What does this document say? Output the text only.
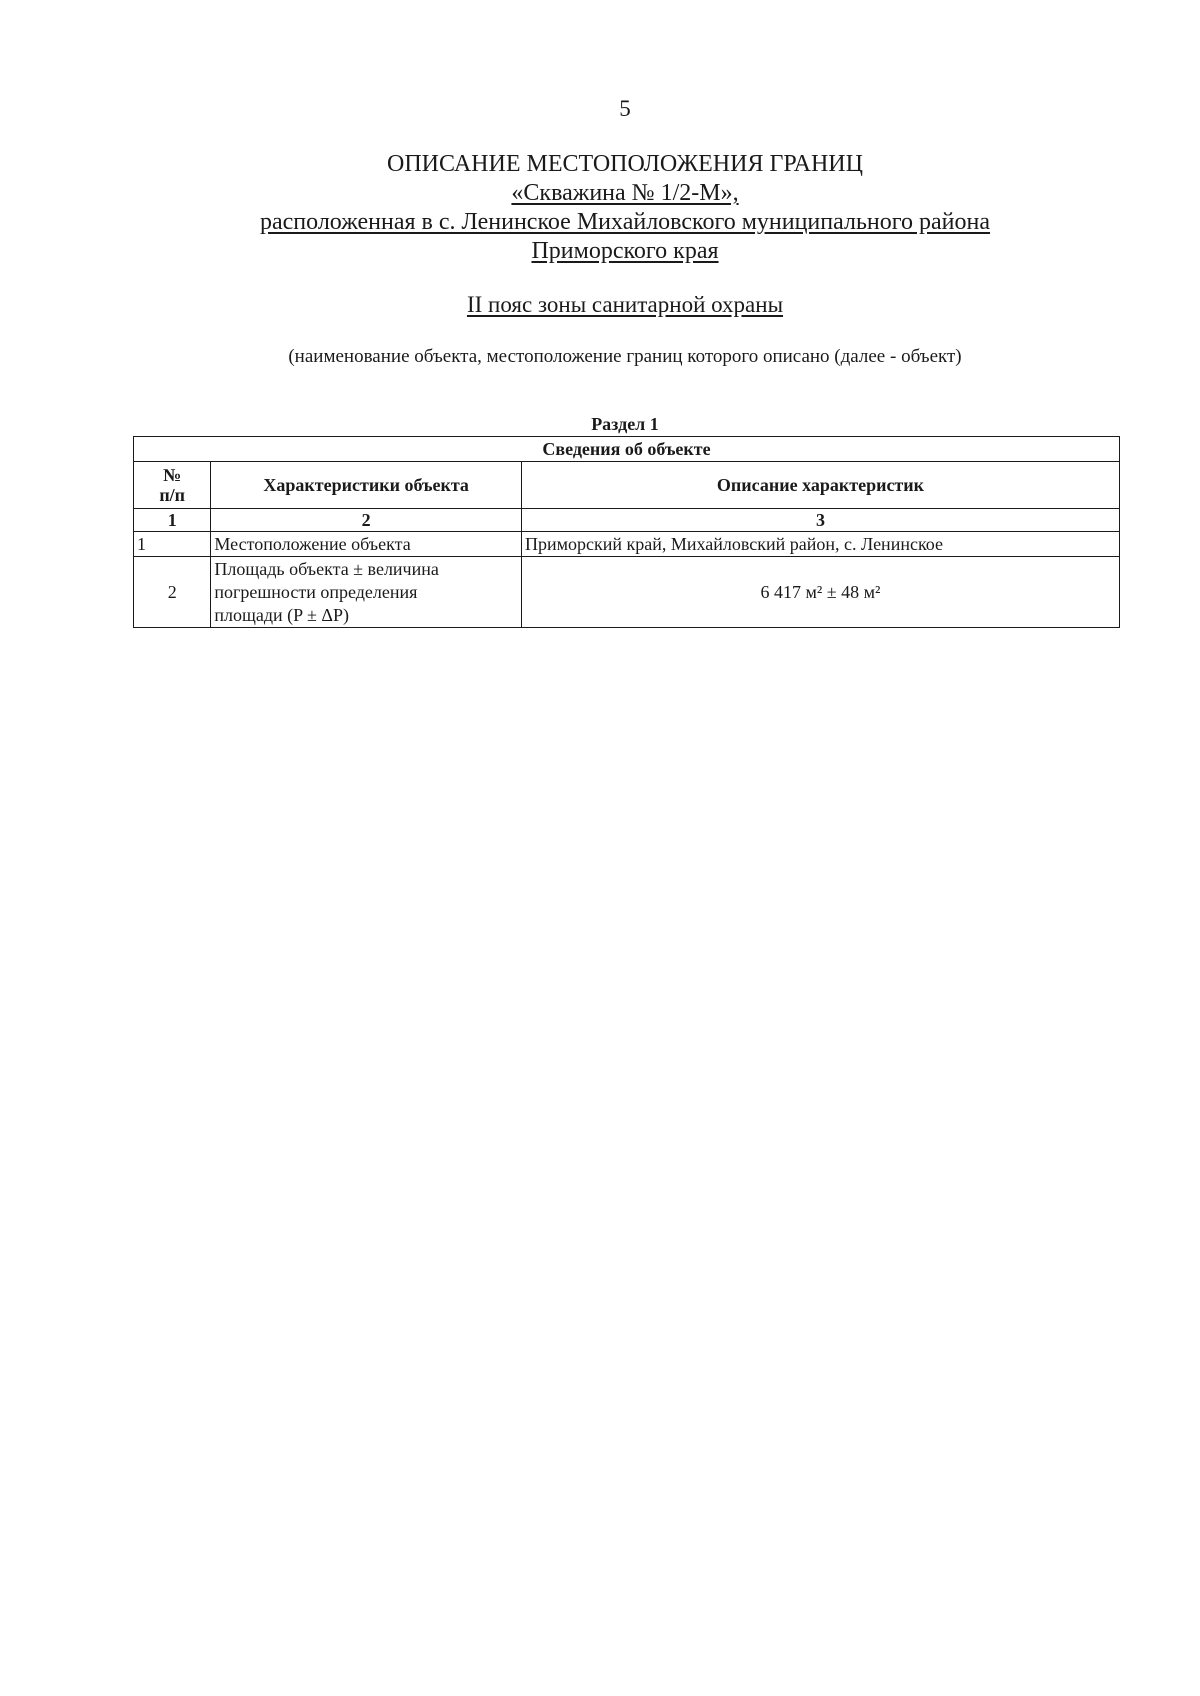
5
ОПИСАНИЕ МЕСТОПОЛОЖЕНИЯ ГРАНИЦ
«Скважина № 1/2-М»,
расположенная в с. Ленинское Михайловского муниципального района
Приморского края
II пояс зоны санитарной охраны
(наименование объекта, местоположение границ которого описано (далее - объект)
Раздел 1
Сведения об объекте		
№
п/п	Характеристики объекта	Описание характеристик
1	2	3
1	Местоположение объекта	Приморский край, Михайловский район, с. Ленинское
2	Площадь объекта ± величина
погрешности определения
площади (P ± ΔP)	6 417 м² ± 48 м²
